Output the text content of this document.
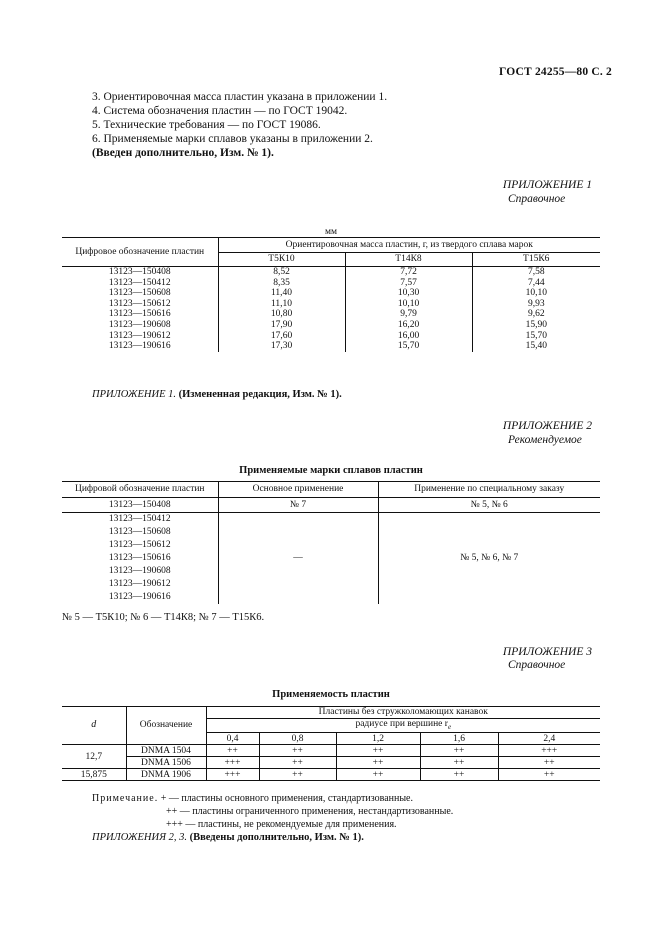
ГОСТ 24255—80 С. 2
3. Ориентировочная масса пластин указана в приложении 1.
4. Система обозначения пластин — по ГОСТ 19042.
5. Технические требования — по ГОСТ 19086.
6. Применяемые марки сплавов указаны в приложении 2.
(Введен дополнительно, Изм. № 1).
ПРИЛОЖЕНИЕ 1
Справочное
мм
Цифровое обозначение пластин	Ориентировочная масса пластин, г, из твердого сплава марок		
	Т5К10	Т14К8	Т15К6
13123—150408	8,52	7,72	7,58
13123—150412	8,35	7,57	7,44
13123—150608	11,40	10,30	10,10
13123—150612	11,10	10,10	9,93
13123—150616	10,80	9,79	9,62
13123—190608	17,90	16,20	15,90
13123—190612	17,60	16,00	15,70
13123—190616	17,30	15,70	15,40
ПРИЛОЖЕНИЕ 1. (Измененная редакция, Изм. № 1).
ПРИЛОЖЕНИЕ 2
Рекомендуемое
Применяемые марки сплавов пластин
Цифровой обозначение пластин	Основное применение	Применение по специальному заказу
13123—150408	№ 7	№ 5, № 6
13123—150412	—	№ 5, № 6, № 7
13123—150608		
13123—150612		
13123—150616		
13123—190608		
13123—190612		
13123—190616		
№ 5 — Т5К10; № 6 — Т14К8; № 7 — Т15К6.
ПРИЛОЖЕНИЕ 3
Справочное
Применяемость пластин
d	Обозначение	Пластины без стружколомающих канавок				
		радиусе при вершине $r_e$
		0,4	0,8	1,2	1,6	2,4
12,7	DNMA 1504	++	++	++	++	+++
	DNMA 1506	+++	++	++	++	++
15,875	DNMA 1906	+++	++	++	++	++
Примечание. + — пластины основного применения, стандартизованные.
++ — пластины ограниченного применения, нестандартизованные.
+++ — пластины, не рекомендуемые для применения.
ПРИЛОЖЕНИЯ 2, 3. (Введены дополнительно, Изм. № 1).
